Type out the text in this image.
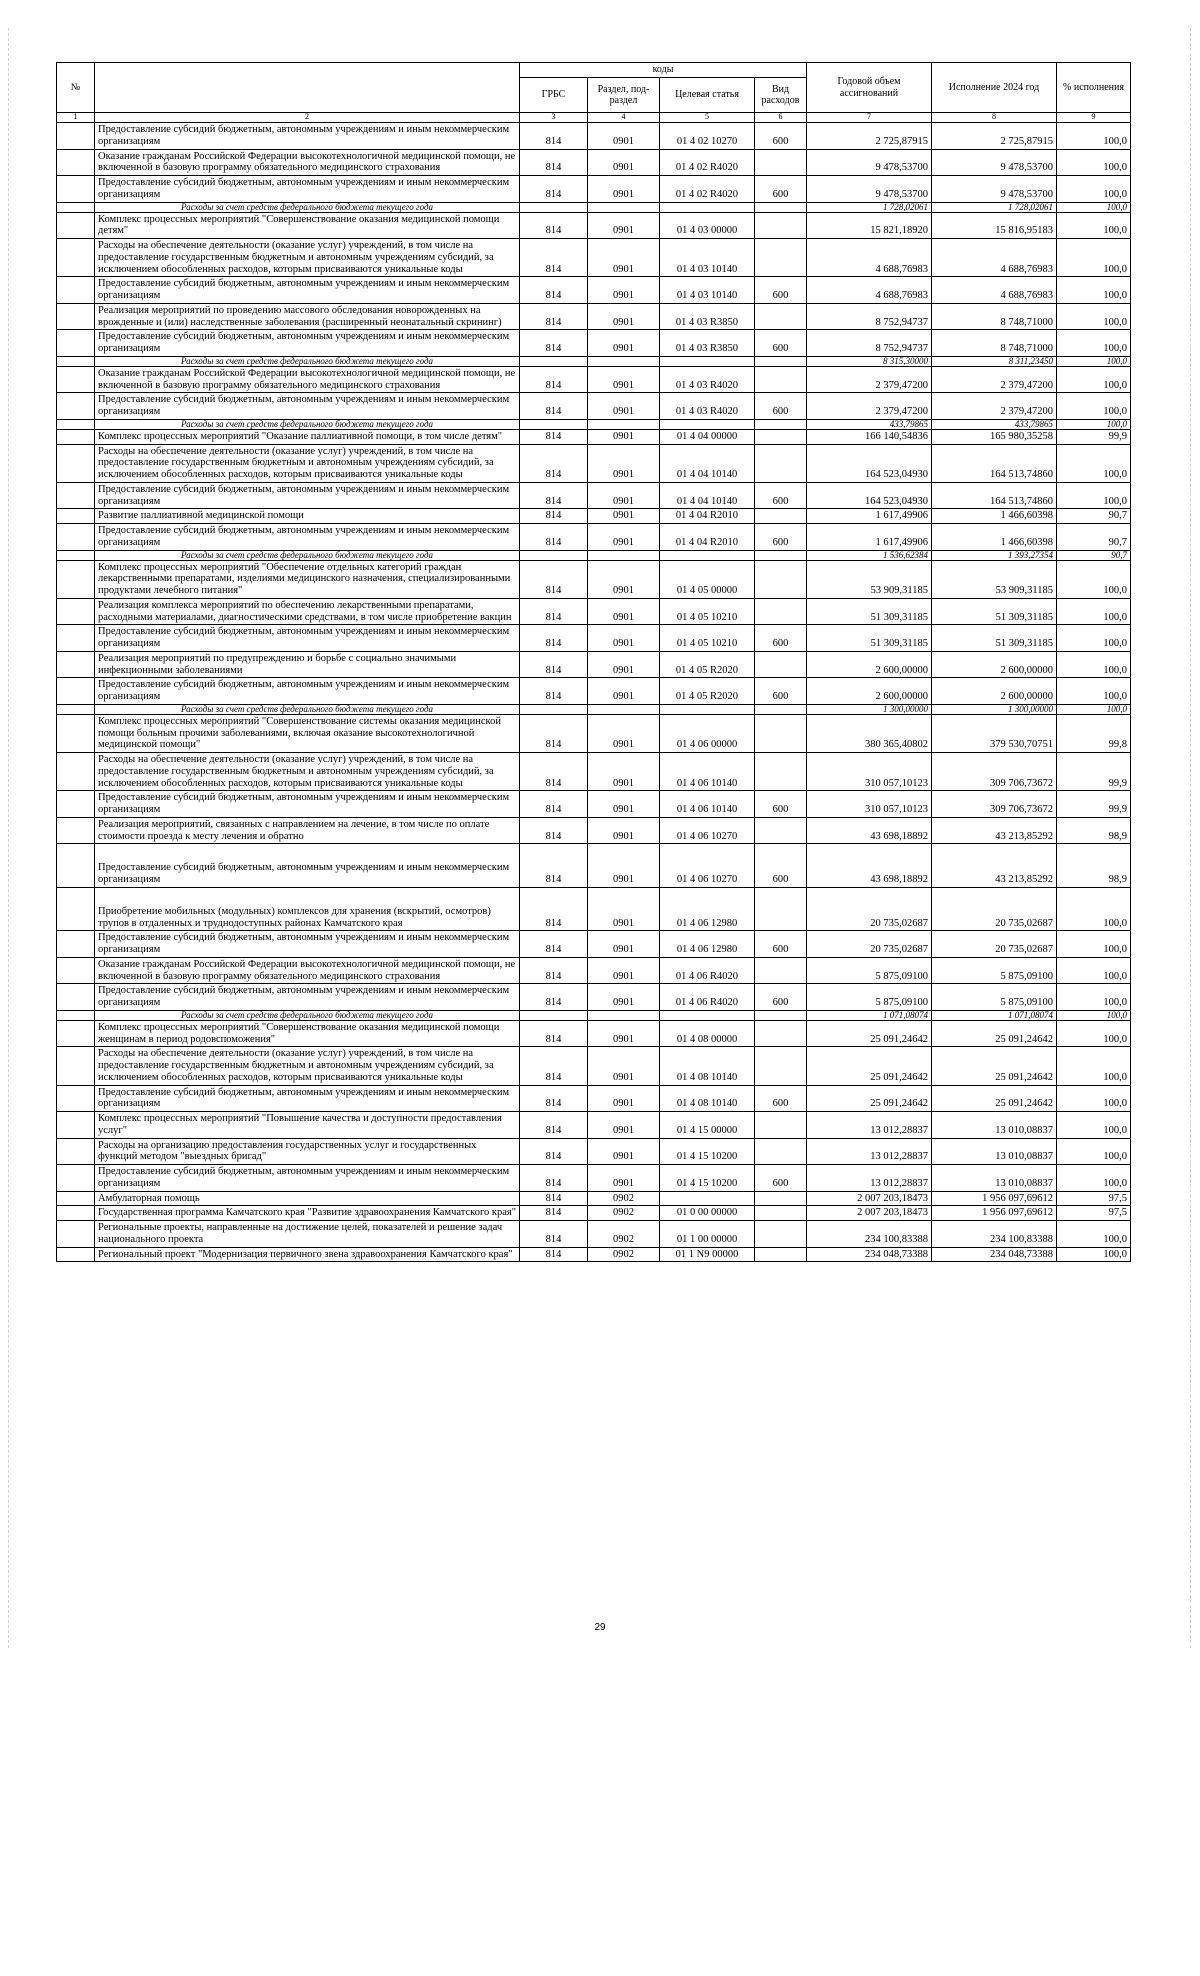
№		коды				Годовой объем ассигнований	Исполнение 2024 год	% исполнения
		ГРБС	Раздел, под-раздел	Целевая статья	Вид расходов			
1	2	3	4	5	6	7	8	9
	Предоставление субсидий бюджетным, автономным учреждениям и иным некоммерческим организациям	814	0901	01 4 02 10270	600	2 725,87915	2 725,87915	100,0
	Оказание гражданам Российской Федерации высокотехнологичной медицинской помощи, не включенной в базовую программу обязательного медицинского страхования	814	0901	01 4 02 R4020		9 478,53700	9 478,53700	100,0
	Предоставление субсидий бюджетным, автономным учреждениям и иным некоммерческим организациям	814	0901	01 4 02 R4020	600	9 478,53700	9 478,53700	100,0
	Расходы за счет средств федерального бюджета текущего года					1 728,02061	1 728,02061	100,0
	Комплекс процессных мероприятий "Совершенствование оказания медицинской помощи детям"	814	0901	01 4 03 00000		15 821,18920	15 816,95183	100,0
	Расходы на обеспечение деятельности (оказание услуг) учреждений, в том числе на предоставление государственным бюджетным и автономным учреждениям субсидий, за исключением обособленных расходов, которым присваиваются уникальные коды	814	0901	01 4 03 10140		4 688,76983	4 688,76983	100,0
	Предоставление субсидий бюджетным, автономным учреждениям и иным некоммерческим организациям	814	0901	01 4 03 10140	600	4 688,76983	4 688,76983	100,0
	Реализация мероприятий по проведению массового обследования новорожденных на врожденные и (или) наследственные заболевания (расширенный неонатальный скрининг)	814	0901	01 4 03 R3850		8 752,94737	8 748,71000	100,0
	Предоставление субсидий бюджетным, автономным учреждениям и иным некоммерческим организациям	814	0901	01 4 03 R3850	600	8 752,94737	8 748,71000	100,0
	Расходы за счет средств федерального бюджета текущего года					8 315,30000	8 311,23450	100,0
	Оказание гражданам Российской Федерации высокотехнологичной медицинской помощи, не включенной в базовую программу обязательного медицинского страхования	814	0901	01 4 03 R4020		2 379,47200	2 379,47200	100,0
	Предоставление субсидий бюджетным, автономным учреждениям и иным некоммерческим организациям	814	0901	01 4 03 R4020	600	2 379,47200	2 379,47200	100,0
	Расходы за счет средств федерального бюджета текущего года					433,79865	433,79865	100,0
	Комплекс процессных мероприятий "Оказание паллиативной помощи, в том числе детям"	814	0901	01 4 04 00000		166 140,54836	165 980,35258	99,9
	Расходы на обеспечение деятельности (оказание услуг) учреждений, в том числе на предоставление государственным бюджетным и автономным учреждениям субсидий, за исключением обособленных расходов, которым присваиваются уникальные коды	814	0901	01 4 04 10140		164 523,04930	164 513,74860	100,0
	Предоставление субсидий бюджетным, автономным учреждениям и иным некоммерческим организациям	814	0901	01 4 04 10140	600	164 523,04930	164 513,74860	100,0
	Развитие паллиативной медицинской помощи	814	0901	01 4 04 R2010		1 617,49906	1 466,60398	90,7
	Предоставление субсидий бюджетным, автономным учреждениям и иным некоммерческим организациям	814	0901	01 4 04 R2010	600	1 617,49906	1 466,60398	90,7
	Расходы за счет средств федерального бюджета текущего года					1 536,62384	1 393,27354	90,7
	Комплекс процессных мероприятий "Обеспечение отдельных категорий граждан лекарственными препаратами, изделиями медицинского назначения, специализированными продуктами лечебного питания"	814	0901	01 4 05 00000		53 909,31185	53 909,31185	100,0
	Реализация комплекса мероприятий по обеспечению лекарственными препаратами, расходными материалами, диагностическими средствами, в том числе приобретение вакцин	814	0901	01 4 05 10210		51 309,31185	51 309,31185	100,0
	Предоставление субсидий бюджетным, автономным учреждениям и иным некоммерческим организациям	814	0901	01 4 05 10210	600	51 309,31185	51 309,31185	100,0
	Реализация мероприятий по предупреждению и борьбе с социально значимыми инфекционными заболеваниями	814	0901	01 4 05 R2020		2 600,00000	2 600,00000	100,0
	Предоставление субсидий бюджетным, автономным учреждениям и иным некоммерческим организациям	814	0901	01 4 05 R2020	600	2 600,00000	2 600,00000	100,0
	Расходы за счет средств федерального бюджета текущего года					1 300,00000	1 300,00000	100,0
	Комплекс процессных мероприятий "Совершенствование системы оказания медицинской помощи больным прочими заболеваниями, включая оказание высокотехнологичной медицинской помощи"	814	0901	01 4 06 00000		380 365,40802	379 530,70751	99,8
	Расходы на обеспечение деятельности (оказание услуг) учреждений, в том числе на предоставление государственным бюджетным и автономным учреждениям субсидий, за исключением обособленных расходов, которым присваиваются уникальные коды	814	0901	01 4 06 10140		310 057,10123	309 706,73672	99,9
	Предоставление субсидий бюджетным, автономным учреждениям и иным некоммерческим организациям	814	0901	01 4 06 10140	600	310 057,10123	309 706,73672	99,9
	Реализация мероприятий, связанных с направлением на лечение, в том числе по оплате стоимости проезда к месту лечения и обратно	814	0901	01 4 06 10270		43 698,18892	43 213,85292	98,9
	Предоставление субсидий бюджетным, автономным учреждениям и иным некоммерческим организациям	814	0901	01 4 06 10270	600	43 698,18892	43 213,85292	98,9
	Приобретение мобильных (модульных) комплексов для хранения (вскрытий, осмотров) трупов в отдаленных и труднодоступных районах Камчатского края	814	0901	01 4 06 12980		20 735,02687	20 735,02687	100,0
	Предоставление субсидий бюджетным, автономным учреждениям и иным некоммерческим организациям	814	0901	01 4 06 12980	600	20 735,02687	20 735,02687	100,0
	Оказание гражданам Российской Федерации высокотехнологичной медицинской помощи, не включенной в базовую программу обязательного медицинского страхования	814	0901	01 4 06 R4020		5 875,09100	5 875,09100	100,0
	Предоставление субсидий бюджетным, автономным учреждениям и иным некоммерческим организациям	814	0901	01 4 06 R4020	600	5 875,09100	5 875,09100	100,0
	Расходы за счет средств федерального бюджета текущего года					1 071,08074	1 071,08074	100,0
	Комплекс процессных мероприятий "Совершенствование оказания медицинской помощи женщинам в период родовспоможения"	814	0901	01 4 08 00000		25 091,24642	25 091,24642	100,0
	Расходы на обеспечение деятельности (оказание услуг) учреждений, в том числе на предоставление государственным бюджетным и автономным учреждениям субсидий, за исключением обособленных расходов, которым присваиваются уникальные коды	814	0901	01 4 08 10140		25 091,24642	25 091,24642	100,0
	Предоставление субсидий бюджетным, автономным учреждениям и иным некоммерческим организациям	814	0901	01 4 08 10140	600	25 091,24642	25 091,24642	100,0
	Комплекс процессных мероприятий "Повышение качества и доступности предоставления услуг"	814	0901	01 4 15 00000		13 012,28837	13 010,08837	100,0
	Расходы на организацию предоставления государственных услуг и государственных функций методом "выездных бригад"	814	0901	01 4 15 10200		13 012,28837	13 010,08837	100,0
	Предоставление субсидий бюджетным, автономным учреждениям и иным некоммерческим организациям	814	0901	01 4 15 10200	600	13 012,28837	13 010,08837	100,0
	Амбулаторная помощь	814	0902			2 007 203,18473	1 956 097,69612	97,5
	Государственная программа Камчатского края "Развитие здравоохранения Камчатского края"	814	0902	01 0 00 00000		2 007 203,18473	1 956 097,69612	97,5
	Региональные проекты, направленные на достижение целей, показателей и решение задач национального проекта	814	0902	01 1 00 00000		234 100,83388	234 100,83388	100,0
	Региональный проект "Модернизация первичного звена здравоохранения Камчатского края"	814	0902	01 1 N9 00000		234 048,73388	234 048,73388	100,0
29
